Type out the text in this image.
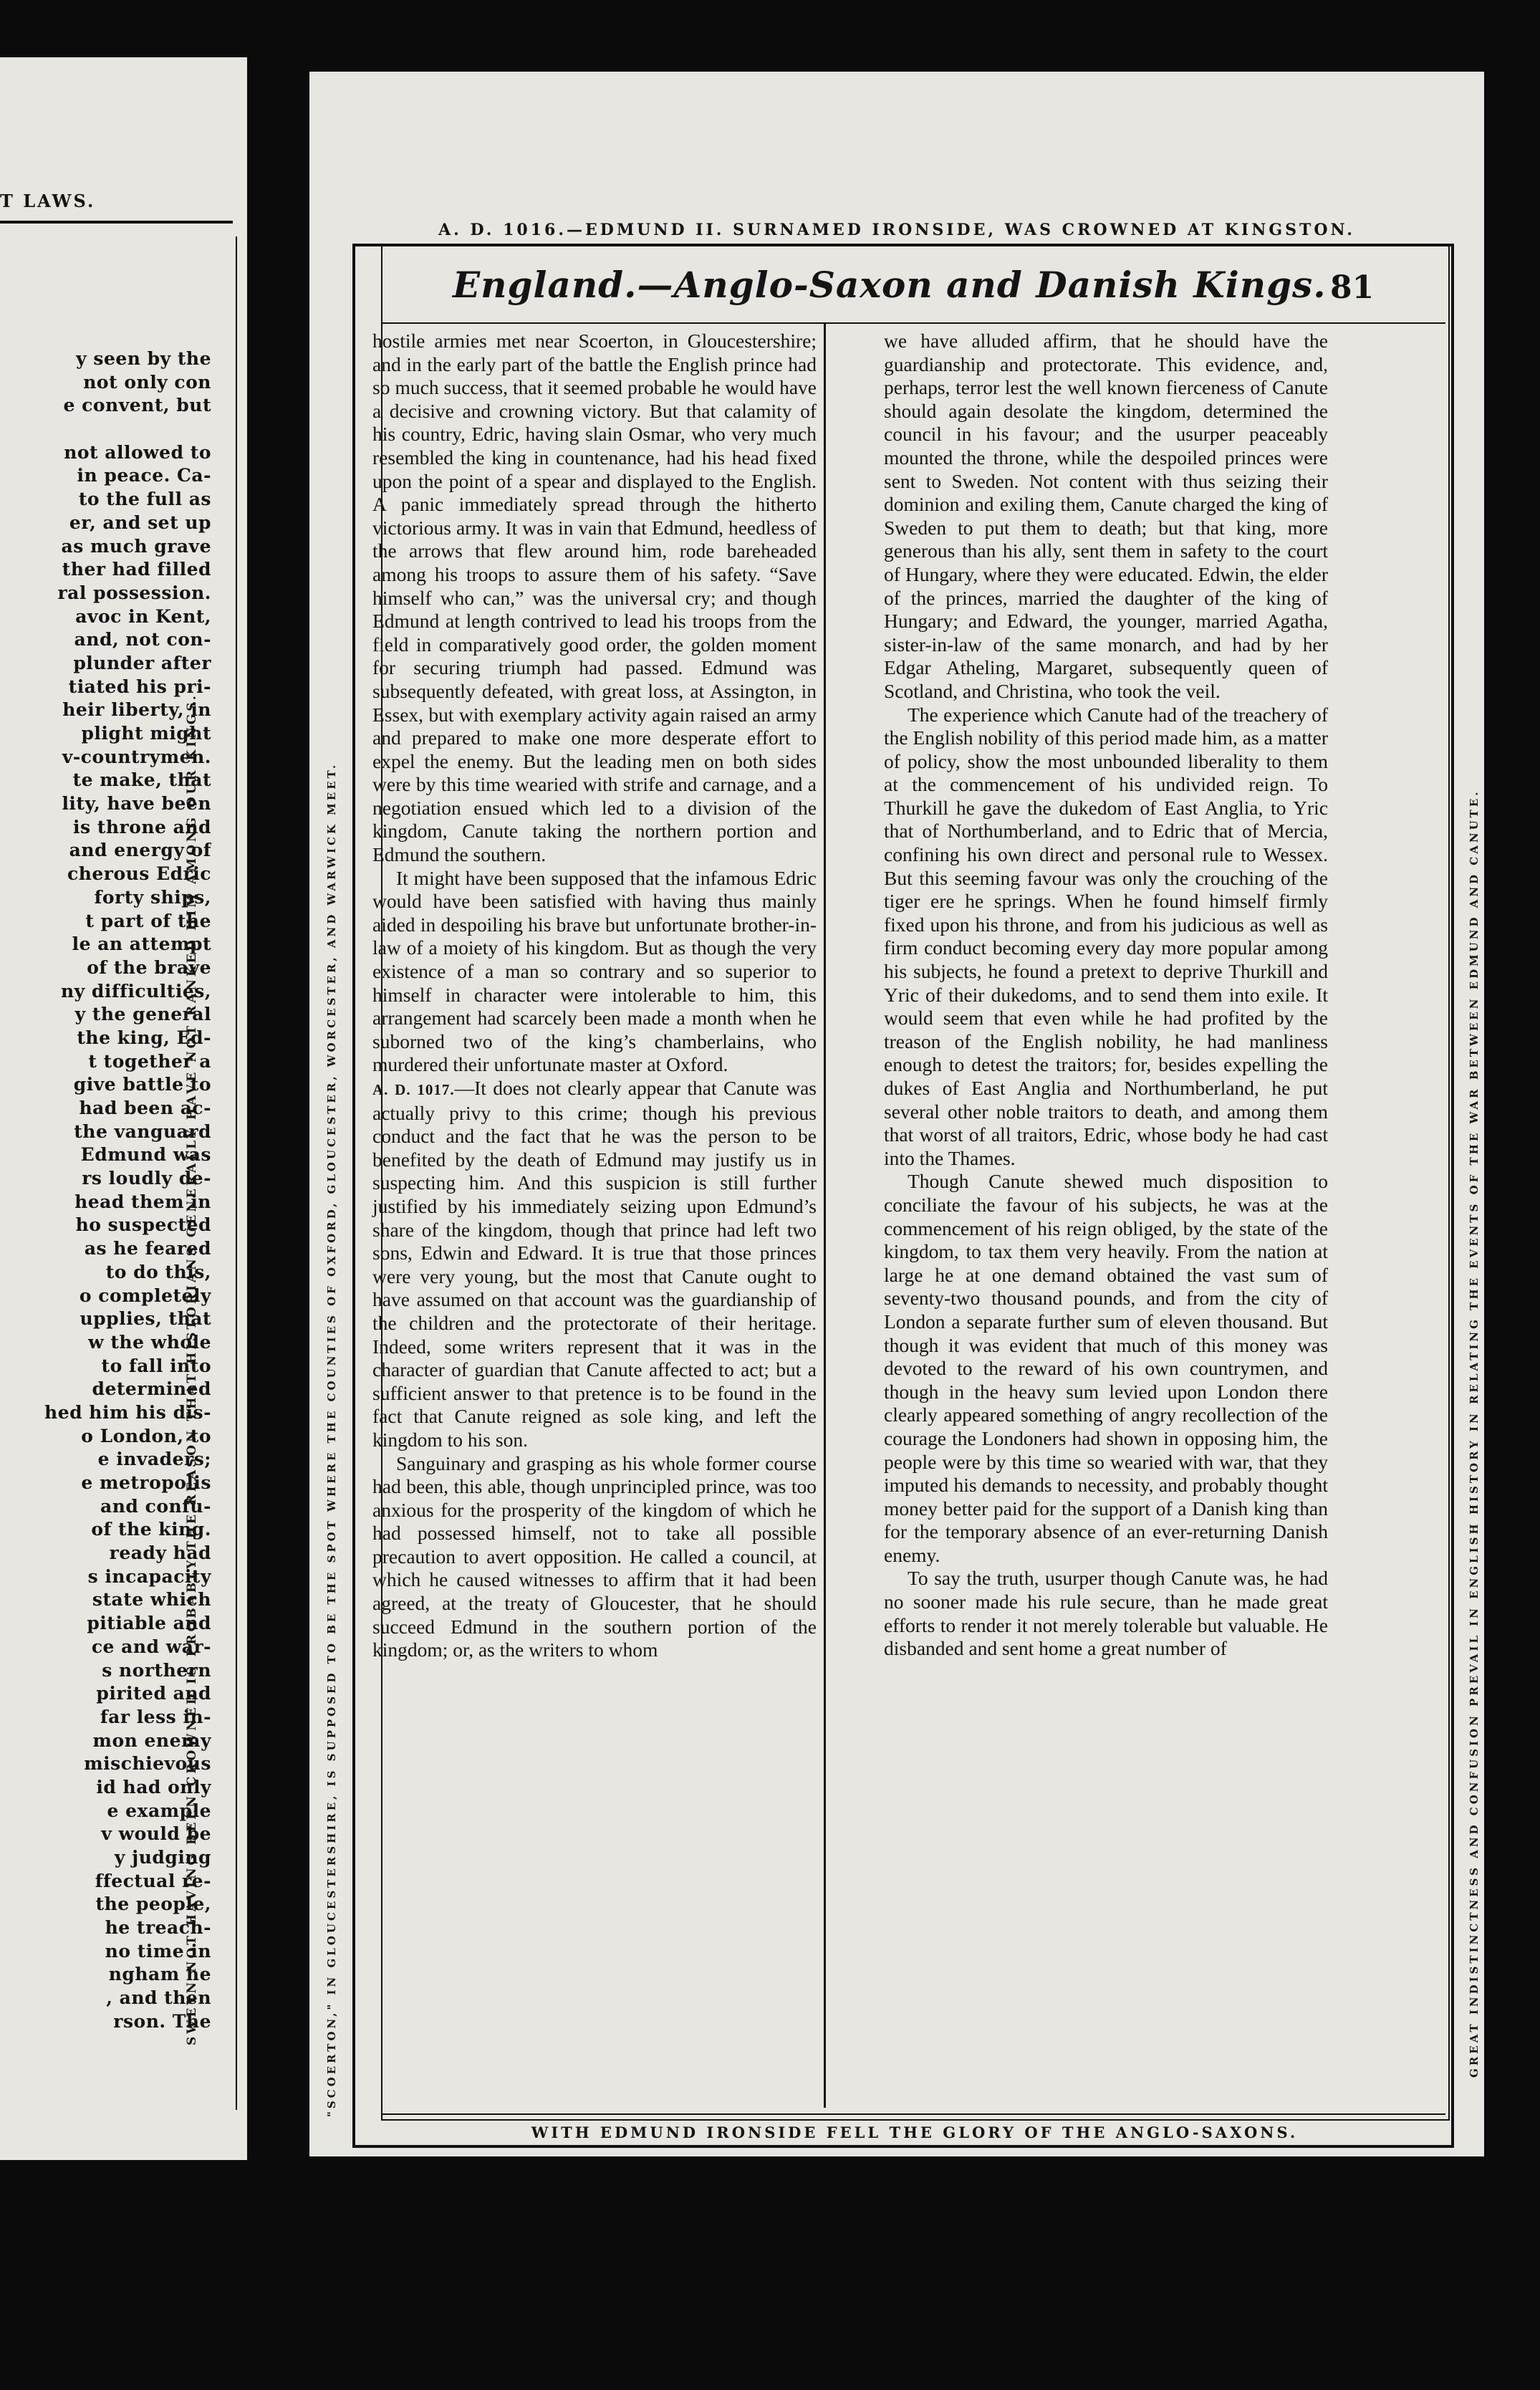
T LAWS.
SWEYN NOT HAVING BEEN CROWNED IS PROBABLY THE REASON THAT HISTORIANS GENERALLY HAVE NOT RANKED HIM AMONG OUR KINGS.
y seen by the
not only con
e convent, but
not allowed to
in peace. Ca-
to the full as
er, and set up
as much grave
ther had filled
ral possession.
avoc in Kent,
and, not con-
plunder after
tiated his pri-
heir liberty, in
plight might
v-countrymen.
te make, that
lity, have been
is throne and
and energy of
cherous Edric
forty ships,
t part of the
le an attempt
of the brave
ny difficulties,
y the general
the king, Ed-
t together a
give battle to
had been ac-
the vanguard
Edmund was
rs loudly de-
head them in
ho suspected
as he feared
to do this,
o completely
upplies, that
w the whole
to fall into
determined
hed him his dis-
o London, to
e invaders;
e metropolis
and confu-
of the king.
ready had
s incapacity
state which
pitiable and
ce and war-
s northern
pirited and
far less in-
mon enemy
mischievous
id had only
e example
v would be
y judging
ffectual re-
the people,
he treach-
no time in
ngham he
, and then
rson. The
A. D. 1016.—EDMUND II. SURNAMED IRONSIDE, WAS CROWNED AT KINGSTON.
"SCOERTON," IN GLOUCESTERSHIRE, IS SUPPOSED TO BE THE SPOT WHERE THE COUNTIES OF OXFORD, GLOUCESTER, WORCESTER, AND WARWICK MEET.	GREAT INDISTINCTNESS AND CONFUSION PREVAIL IN ENGLISH HISTORY IN RELATING THE EVENTS OF THE WAR BETWEEN EDMUND AND CANUTE.
England.—Anglo-Saxon and Danish Kings. 81

hostile armies met near Scoerton, in Gloucestershire; and in the early part of the battle the English prince had so much success, that it seemed probable he would have a decisive and crowning victory. But that calamity of his country, Edric, having slain Osmar, who very much resembled the king in countenance, had his head fixed upon the point of a spear and displayed to the English. A panic immediately spread through the hitherto victorious army. It was in vain that Edmund, heedless of the arrows that flew around him, rode bareheaded among his troops to assure them of his safety. “Save himself who can,” was the universal cry; and though Edmund at length contrived to lead his troops from the field in comparatively good order, the golden moment for securing triumph had passed. Edmund was subsequently defeated, with great loss, at Assington, in Essex, but with exemplary activity again raised an army and prepared to make one more desperate effort to expel the enemy. But the leading men on both sides were by this time wearied with strife and carnage, and a negotiation ensued which led to a division of the kingdom, Canute taking the northern portion and Edmund the southern.

It might have been supposed that the infamous Edric would have been satisfied with having thus mainly aided in despoiling his brave but unfortunate brother-in-law of a moiety of his kingdom. But as though the very existence of a man so contrary and so superior to himself in character were intolerable to him, this arrangement had scarcely been made a month when he suborned two of the king’s chamberlains, who murdered their unfortunate master at Oxford.

A. D. 1017.—It does not clearly appear that Canute was actually privy to this crime; though his previous conduct and the fact that he was the person to be benefited by the death of Edmund may justify us in suspecting him. And this suspicion is still further justified by his immediately seizing upon Edmund’s share of the kingdom, though that prince had left two sons, Edwin and Edward. It is true that those princes were very young, but the most that Canute ought to have assumed on that account was the guardianship of the children and the protectorate of their heritage. Indeed, some writers represent that it was in the character of guardian that Canute affected to act; but a sufficient answer to that pretence is to be found in the fact that Canute reigned as sole king, and left the kingdom to his son.

Sanguinary and grasping as his whole former course had been, this able, though unprincipled prince, was too anxious for the prosperity of the kingdom of which he had possessed himself, not to take all possible precaution to avert opposition. He called a council, at which he caused witnesses to affirm that it had been agreed, at the treaty of Gloucester, that he should succeed Edmund in the southern portion of the kingdom; or, as the writers to whom

we have alluded affirm, that he should have the guardianship and protectorate. This evidence, and, perhaps, terror lest the well known fierceness of Canute should again desolate the kingdom, determined the council in his favour; and the usurper peaceably mounted the throne, while the despoiled princes were sent to Sweden. Not content with thus seizing their dominion and exiling them, Canute charged the king of Sweden to put them to death; but that king, more generous than his ally, sent them in safety to the court of Hungary, where they were educated. Edwin, the elder of the princes, married the daughter of the king of Hungary; and Edward, the younger, married Agatha, sister-in-law of the same monarch, and had by her Edgar Atheling, Margaret, subsequently queen of Scotland, and Christina, who took the veil.

The experience which Canute had of the treachery of the English nobility of this period made him, as a matter of policy, show the most unbounded liberality to them at the commencement of his undivided reign. To Thurkill he gave the dukedom of East Anglia, to Yric that of Northumberland, and to Edric that of Mercia, confining his own direct and personal rule to Wessex. But this seeming favour was only the crouching of the tiger ere he springs. When he found himself firmly fixed upon his throne, and from his judicious as well as firm conduct becoming every day more popular among his subjects, he found a pretext to deprive Thurkill and Yric of their dukedoms, and to send them into exile. It would seem that even while he had profited by the treason of the English nobility, he had manliness enough to detest the traitors; for, besides expelling the dukes of East Anglia and Northumberland, he put several other noble traitors to death, and among them that worst of all traitors, Edric, whose body he had cast into the Thames.

Though Canute shewed much disposition to conciliate the favour of his subjects, he was at the commencement of his reign obliged, by the state of the kingdom, to tax them very heavily. From the nation at large he at one demand obtained the vast sum of seventy-two thousand pounds, and from the city of London a separate further sum of eleven thousand. But though it was evident that much of this money was devoted to the reward of his own countrymen, and though in the heavy sum levied upon London there clearly appeared something of angry recollection of the courage the Londoners had shown in opposing him, the people were by this time so wearied with war, that they imputed his demands to necessity, and probably thought money better paid for the support of a Danish king than for the temporary absence of an ever-returning Danish enemy.

To say the truth, usurper though Canute was, he had no sooner made his rule secure, than he made great efforts to render it not merely tolerable but valuable. He disbanded and sent home a great number of

WITH EDMUND IRONSIDE FELL THE GLORY OF THE ANGLO-SAXONS.
